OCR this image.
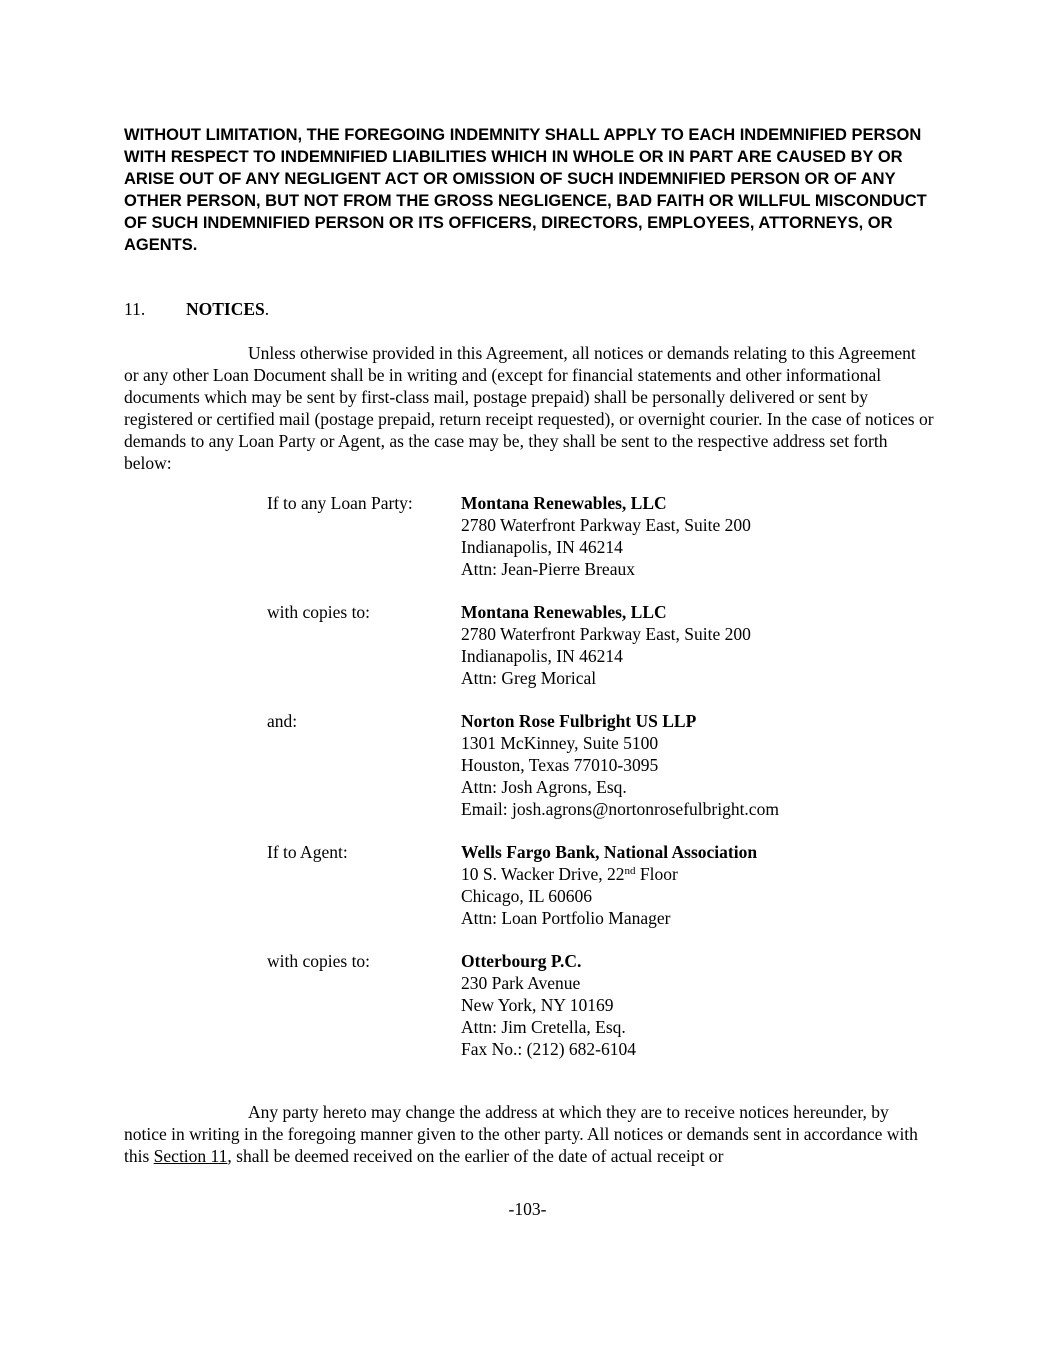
WITHOUT LIMITATION, THE FOREGOING INDEMNITY SHALL APPLY TO EACH INDEMNIFIED PERSON WITH RESPECT TO INDEMNIFIED LIABILITIES WHICH IN WHOLE OR IN PART ARE CAUSED BY OR ARISE OUT OF ANY NEGLIGENT ACT OR OMISSION OF SUCH INDEMNIFIED PERSON OR OF ANY OTHER PERSON, BUT NOT FROM THE GROSS NEGLIGENCE, BAD FAITH OR WILLFUL MISCONDUCT OF SUCH INDEMNIFIED PERSON OR ITS OFFICERS, DIRECTORS, EMPLOYEES, ATTORNEYS, OR AGENTS.

11. NOTICES.

Unless otherwise provided in this Agreement, all notices or demands relating to this Agreement or any other Loan Document shall be in writing and (except for financial statements and other informational documents which may be sent by first-class mail, postage prepaid) shall be personally delivered or sent by registered or certified mail (postage prepaid, return receipt requested), or overnight courier. In the case of notices or demands to any Loan Party or Agent, as the case may be, they shall be sent to the respective address set forth below:

If to any Loan Party:	Montana Renewables, LLC
2780 Waterfront Parkway East, Suite 200
Indianapolis, IN 46214
Attn: Jean-Pierre Breaux
with copies to:	Montana Renewables, LLC
2780 Waterfront Parkway East, Suite 200
Indianapolis, IN 46214
Attn: Greg Morical
and:	Norton Rose Fulbright US LLP
1301 McKinney, Suite 5100
Houston, Texas 77010-3095
Attn: Josh Agrons, Esq.
Email: josh.agrons@nortonrosefulbright.com
If to Agent:	Wells Fargo Bank, National Association
10 S. Wacker Drive, 22nd Floor
Chicago, IL 60606
Attn: Loan Portfolio Manager
with copies to:	Otterbourg P.C.
230 Park Avenue
New York, NY 10169
Attn: Jim Cretella, Esq.
Fax No.: (212) 682-6104

Any party hereto may change the address at which they are to receive notices hereunder, by notice in writing in the foregoing manner given to the other party. All notices or demands sent in accordance with this Section 11, shall be deemed received on the earlier of the date of actual receipt or

-103-
